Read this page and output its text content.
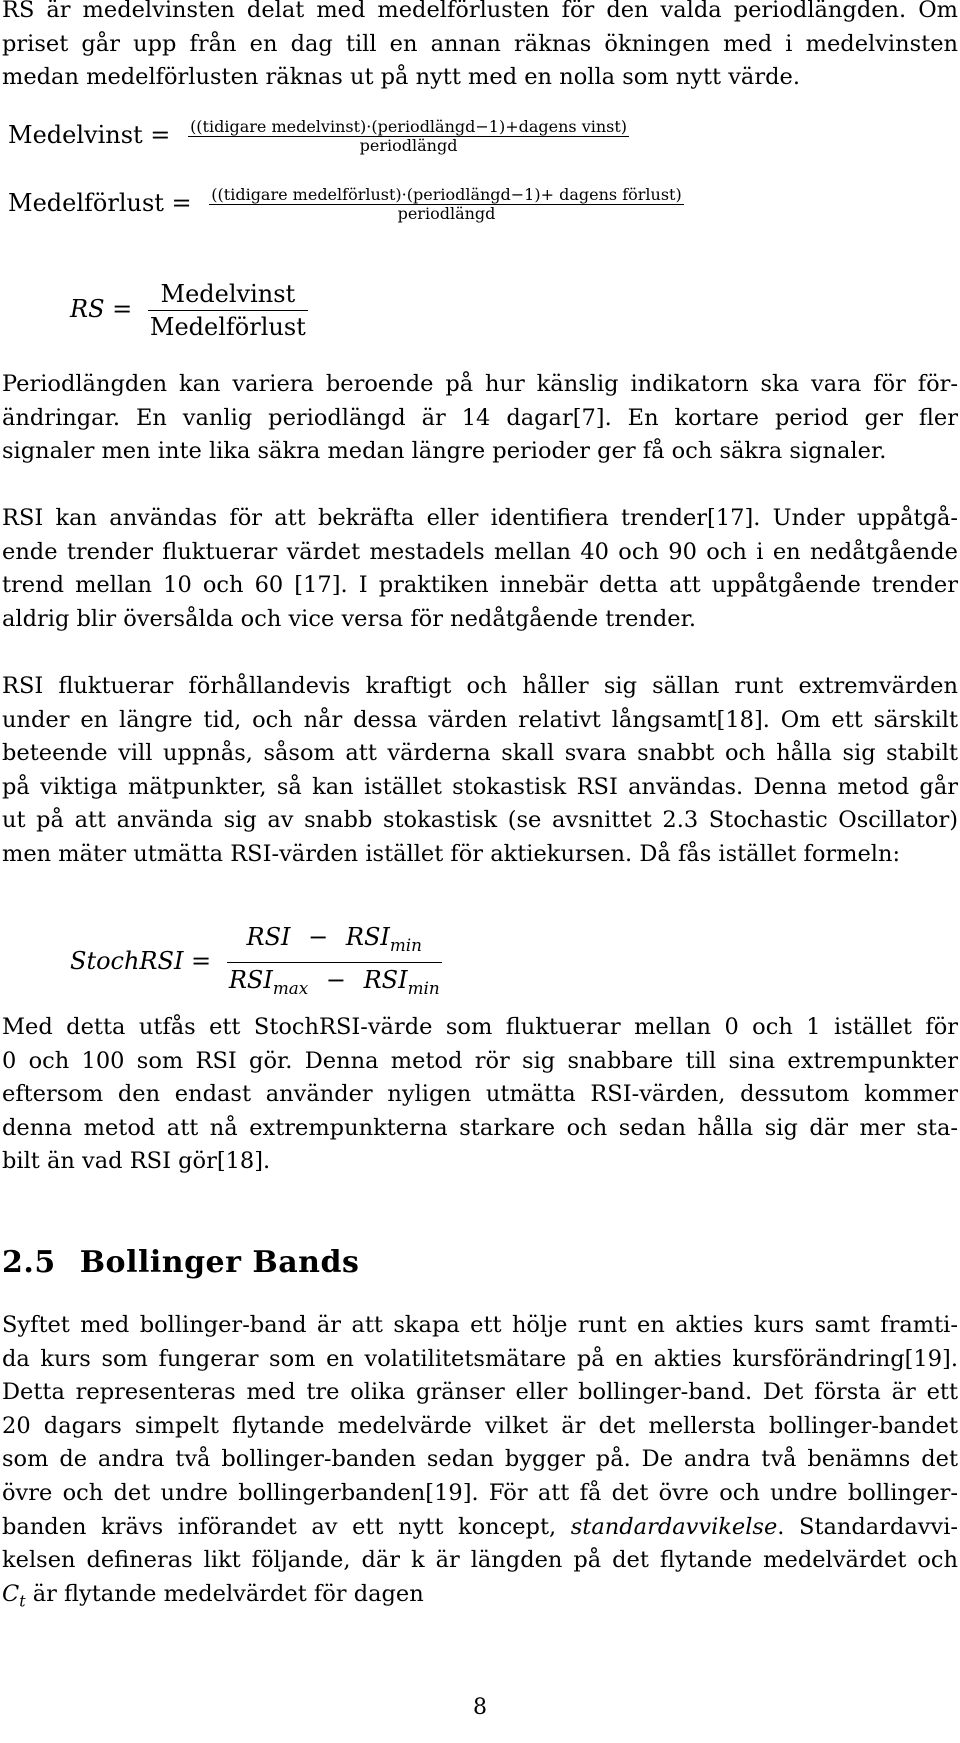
RS är medelvinsten delat med medelförlusten för den valda periodlängden. Om
priset går upp från en dag till en annan räknas ökningen med i medelvinsten
medan medelförlusten räknas ut på nytt med en nolla som nytt värde.
Medelvinst = $\frac{\text{((tidigare medelvinst)·(periodlängd−1)+dagens vinst)}}{\text{periodlängd}}$
Medelförlust = $\frac{\text{((tidigare medelförlust)·(periodlängd−1)+ dagens förlust)}}{\text{periodlängd}}$
RS = $\frac{\text{Medelvinst}}{\text{Medelförlust}}$
Periodlängden kan variera beroende på hur känslig indikatorn ska vara för för-
ändringar. En vanlig periodlängd är 14 dagar[7]. En kortare period ger fler
signaler men inte lika säkra medan längre perioder ger få och säkra signaler.
RSI kan användas för att bekräfta eller identifiera trender[17]. Under uppåtgå-
ende trender fluktuerar värdet mestadels mellan 40 och 90 och i en nedåtgående
trend mellan 10 och 60 [17]. I praktiken innebär detta att uppåtgående trender
aldrig blir översålda och vice versa för nedåtgående trender.
RSI fluktuerar förhållandevis kraftigt och håller sig sällan runt extremvärden
under en längre tid, och når dessa värden relativt långsamt[18]. Om ett särskilt
beteende vill uppnås, såsom att värderna skall svara snabbt och hålla sig stabilt
på viktiga mätpunkter, så kan istället stokastisk RSI användas. Denna metod går
ut på att använda sig av snabb stokastisk (se avsnittet 2.3 Stochastic Oscillator)
men mäter utmätta RSI-värden istället för aktiekursen. Då fås istället formeln:
StochRSI = $\frac{RSI - RSI_{min}}{RSI_{max} - RSI_{min}}$
Med detta utfås ett StochRSI-värde som fluktuerar mellan 0 och 1 istället för
0 och 100 som RSI gör. Denna metod rör sig snabbare till sina extrempunkter
eftersom den endast använder nyligen utmätta RSI-värden, dessutom kommer
denna metod att nå extrempunkterna starkare och sedan hålla sig där mer sta-
bilt än vad RSI gör[18].
2.5 Bollinger Bands
Syftet med bollinger-band är att skapa ett hölje runt en akties kurs samt framti-
da kurs som fungerar som en volatilitetsmätare på en akties kursförändring[19].
Detta representeras med tre olika gränser eller bollinger-band. Det första är ett
20 dagars simpelt flytande medelvärde vilket är det mellersta bollinger-bandet
som de andra två bollinger-banden sedan bygger på. De andra två benämns det
övre och det undre bollingerbanden[19]. För att få det övre och undre bollinger-
banden krävs införandet av ett nytt koncept, standardavvikelse. Standardavvi-
kelsen defineras likt följande, där k är längden på det flytande medelvärdet och
$C_t$ är flytande medelvärdet för dagen
8
